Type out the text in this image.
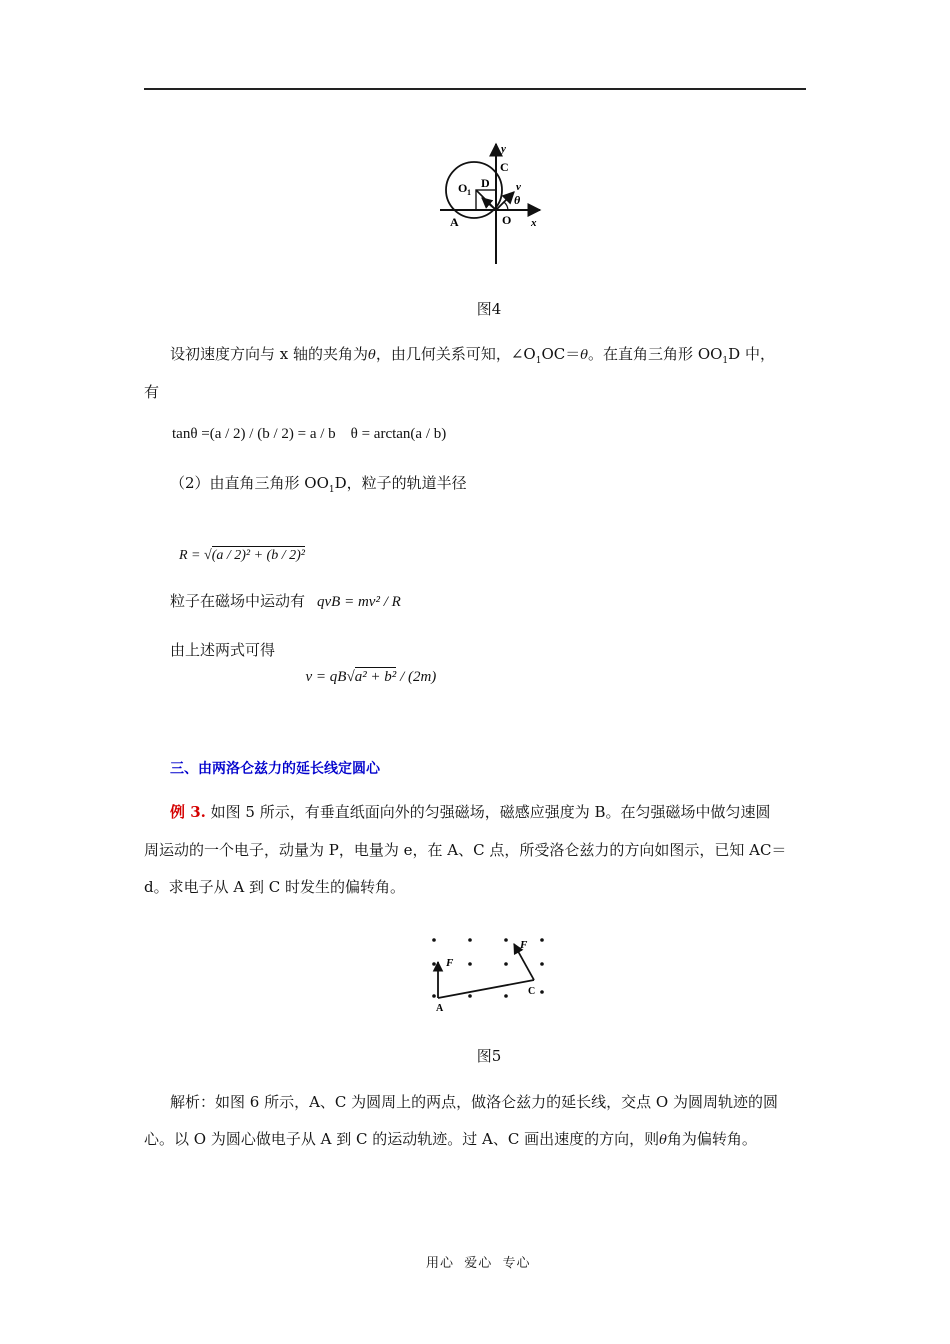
y
C
O 1
D v
θ
A	O x
图4
设初速度方向与 x 轴的夹角为θ，由几何关系可知，$\angle O_1OC=\theta$。在直角三角形 $OO_1D$ 中，
有
tanθ =(a / 2) / (b / 2) = a / b    θ = arctan(a / b)
（2）由直角三角形 $OO_1D$，粒子的轨道半径

R = √(a / 2)² + (b / 2)²

粒子在磁场中运动有 qvB = mv² / R
由上述两式可得

v = qB√a² + b² / (2m)

三、由两洛仑兹力的延长线定圆心
例 3. 如图 5 所示，有垂直纸面向外的匀强磁场，磁感应强度为 B。在匀强磁场中做匀速圆
周运动的一个电子，动量为 P，电量为 e，在 A、C 点，所受洛仑兹力的方向如图示，已知 AC＝
d。求电子从 A 到 C 时发生的偏转角。
F
F
A
C
图5
解析：如图 6 所示，A、C 为圆周上的两点，做洛仑兹力的延长线，交点 O 为圆周轨迹的圆
心。以 O 为圆心做电子从 A 到 C 的运动轨迹。过 A、C 画出速度的方向，则θ角为偏转角。
用心  爱心  专心
